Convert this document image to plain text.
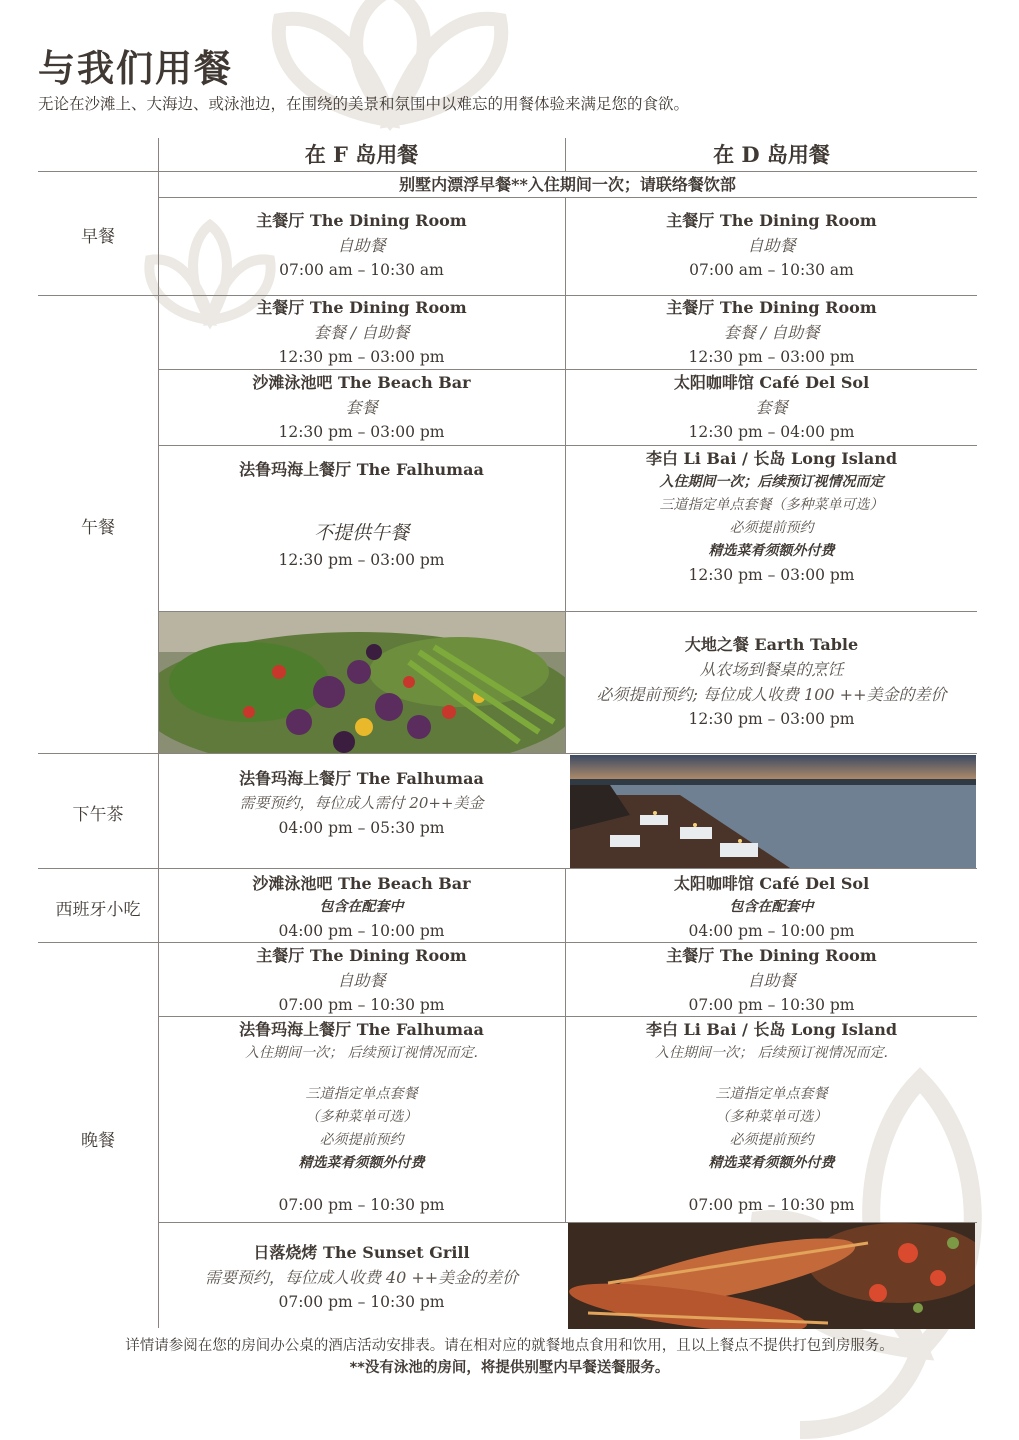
与我们用餐
无论在沙滩上、大海边、或泳池边，在围绕的美景和氛围中以难忘的用餐体验来满足您的食欲。
在 F 岛用餐	在 D 岛用餐
早餐
午餐
下午茶
西班牙小吃
晚餐
别墅内漂浮早餐**入住期间一次；请联络餐饮部
主餐厅 The Dining Room
自助餐
07:00 am – 10:30 am
主餐厅 The Dining Room
自助餐
07:00 am – 10:30 am
主餐厅 The Dining Room
套餐 / 自助餐
12:30 pm – 03:00 pm
主餐厅 The Dining Room
套餐 / 自助餐
12:30 pm – 03:00 pm
沙滩泳池吧 The Beach Bar
套餐
12:30 pm – 03:00 pm
太阳咖啡馆 Café Del Sol
套餐
12:30 pm – 04:00 pm
法鲁玛海上餐厅 The Falhumaa
不提供午餐
12:30 pm – 03:00 pm
李白 Li Bai / 长岛 Long Island
入住期间一次；后续预订视情况而定
三道指定单点套餐（多种菜单可选）
必须提前预约
精选菜肴须额外付费
12:30 pm – 03:00 pm
大地之餐 Earth Table
从农场到餐桌的烹饪
必须提前预约; 每位成人收费 100 ++美金的差价
12:30 pm – 03:00 pm
法鲁玛海上餐厅 The Falhumaa
需要预约，每位成人需付 20++美金
04:00 pm – 05:30 pm
沙滩泳池吧 The Beach Bar
包含在配套中
04:00 pm – 10:00 pm
太阳咖啡馆 Café Del Sol
包含在配套中
04:00 pm – 10:00 pm
主餐厅 The Dining Room
自助餐
07:00 pm – 10:30 pm
主餐厅 The Dining Room
自助餐
07:00 pm – 10:30 pm
法鲁玛海上餐厅 The Falhumaa
入住期间一次； 后续预订视情况而定.
三道指定单点套餐
（多种菜单可选）
必须提前预约
精选菜肴须额外付费
07:00 pm – 10:30 pm
李白 Li Bai / 长岛 Long Island
入住期间一次； 后续预订视情况而定.
三道指定单点套餐
（多种菜单可选）
必须提前预约
精选菜肴须额外付费
07:00 pm – 10:30 pm
日落烧烤 The Sunset Grill
需要预约，每位成人收费 40 ++美金的差价
07:00 pm – 10:30 pm
详情请参阅在您的房间办公桌的酒店活动安排表。请在相对应的就餐地点食用和饮用，且以上餐点不提供打包到房服务。
**没有泳池的房间，将提供别墅内早餐送餐服务。
